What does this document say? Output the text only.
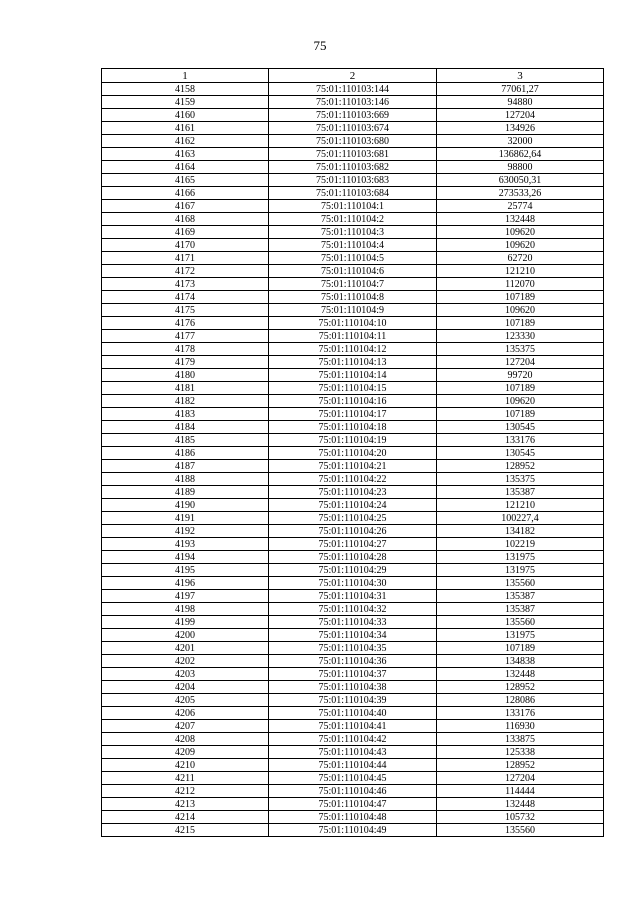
75
1	2	3
4158	75:01:110103:144	77061,27
4159	75:01:110103:146	94880
4160	75:01:110103:669	127204
4161	75:01:110103:674	134926
4162	75:01:110103:680	32000
4163	75:01:110103:681	136862,64
4164	75:01:110103:682	98800
4165	75:01:110103:683	630050,31
4166	75:01:110103:684	273533,26
4167	75:01:110104:1	25774
4168	75:01:110104:2	132448
4169	75:01:110104:3	109620
4170	75:01:110104:4	109620
4171	75:01:110104:5	62720
4172	75:01:110104:6	121210
4173	75:01:110104:7	112070
4174	75:01:110104:8	107189
4175	75:01:110104:9	109620
4176	75:01:110104:10	107189
4177	75:01:110104:11	123330
4178	75:01:110104:12	135375
4179	75:01:110104:13	127204
4180	75:01:110104:14	99720
4181	75:01:110104:15	107189
4182	75:01:110104:16	109620
4183	75:01:110104:17	107189
4184	75:01:110104:18	130545
4185	75:01:110104:19	133176
4186	75:01:110104:20	130545
4187	75:01:110104:21	128952
4188	75:01:110104:22	135375
4189	75:01:110104:23	135387
4190	75:01:110104:24	121210
4191	75:01:110104:25	100227,4
4192	75:01:110104:26	134182
4193	75:01:110104:27	102219
4194	75:01:110104:28	131975
4195	75:01:110104:29	131975
4196	75:01:110104:30	135560
4197	75:01:110104:31	135387
4198	75:01:110104:32	135387
4199	75:01:110104:33	135560
4200	75:01:110104:34	131975
4201	75:01:110104:35	107189
4202	75:01:110104:36	134838
4203	75:01:110104:37	132448
4204	75:01:110104:38	128952
4205	75:01:110104:39	128086
4206	75:01:110104:40	133176
4207	75:01:110104:41	116930
4208	75:01:110104:42	133875
4209	75:01:110104:43	125338
4210	75:01:110104:44	128952
4211	75:01:110104:45	127204
4212	75:01:110104:46	114444
4213	75:01:110104:47	132448
4214	75:01:110104:48	105732
4215	75:01:110104:49	135560
